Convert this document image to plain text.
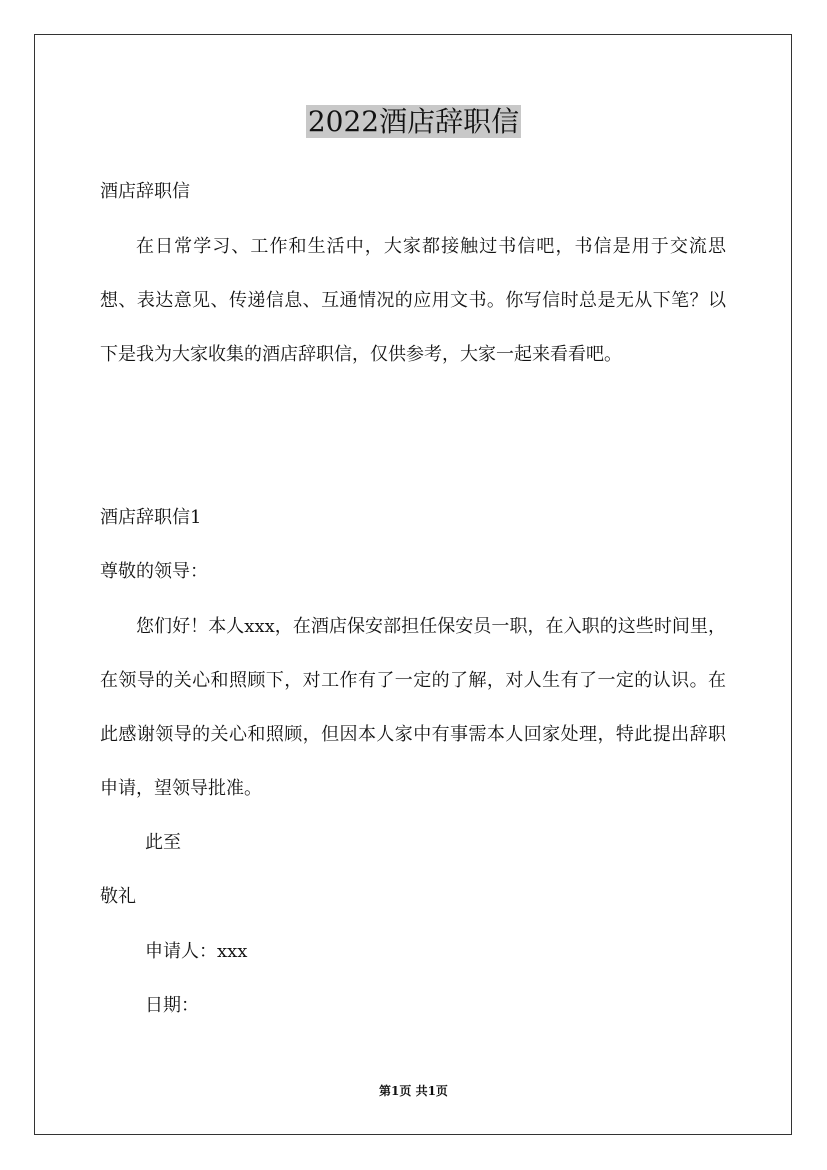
2022酒店辞职信

酒店辞职信

在日常学习、工作和生活中，大家都接触过书信吧，书信是用于交流思想、表达意见、传递信息、互通情况的应用文书。你写信时总是无从下笔？以下是我为大家收集的酒店辞职信，仅供参考，大家一起来看看吧。

酒店辞职信1

尊敬的领导：

您们好！本人xxx，在酒店保安部担任保安员一职，在入职的这些时间里，在领导的关心和照顾下，对工作有了一定的了解，对人生有了一定的认识。在此感谢领导的关心和照顾，但因本人家中有事需本人回家处理，特此提出辞职申请，望领导批准。

此至

敬礼

申请人：xxx

日期：

第1页 共1页
